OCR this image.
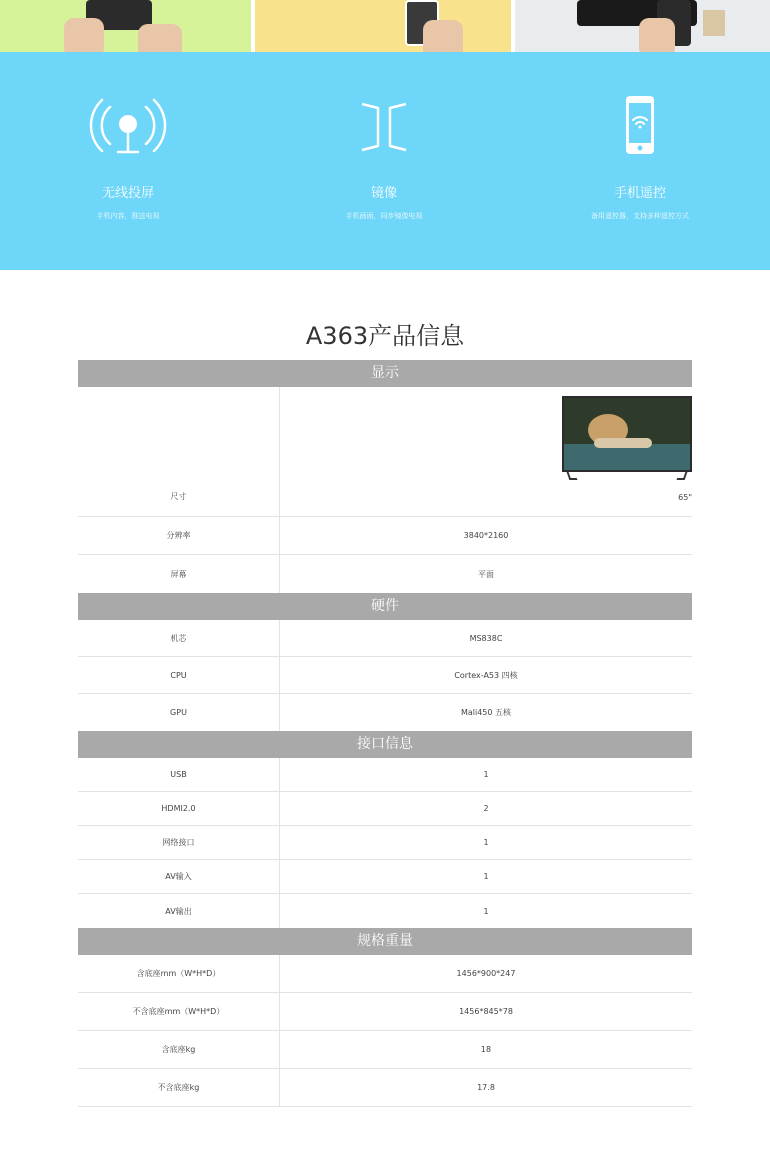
无线投屏
手机内容，推送电视
镜像
手机画面，同步镜像电视
手机遥控
备用遥控器，支持多种遥控方式
A363产品信息
显示
尺寸	65"
分辨率	3840*2160
屏幕	平面
硬件
机芯	MS838C
CPU	Cortex-A53 四核
GPU	Mali450 五核
接口信息
USB	1
HDMI2.0	2
网络接口	1
AV输入	1
AV输出	1
规格重量
含底座mm（W*H*D）	1456*900*247
不含底座mm（W*H*D）	1456*845*78
含底座kg	18
不含底座kg	17.8
